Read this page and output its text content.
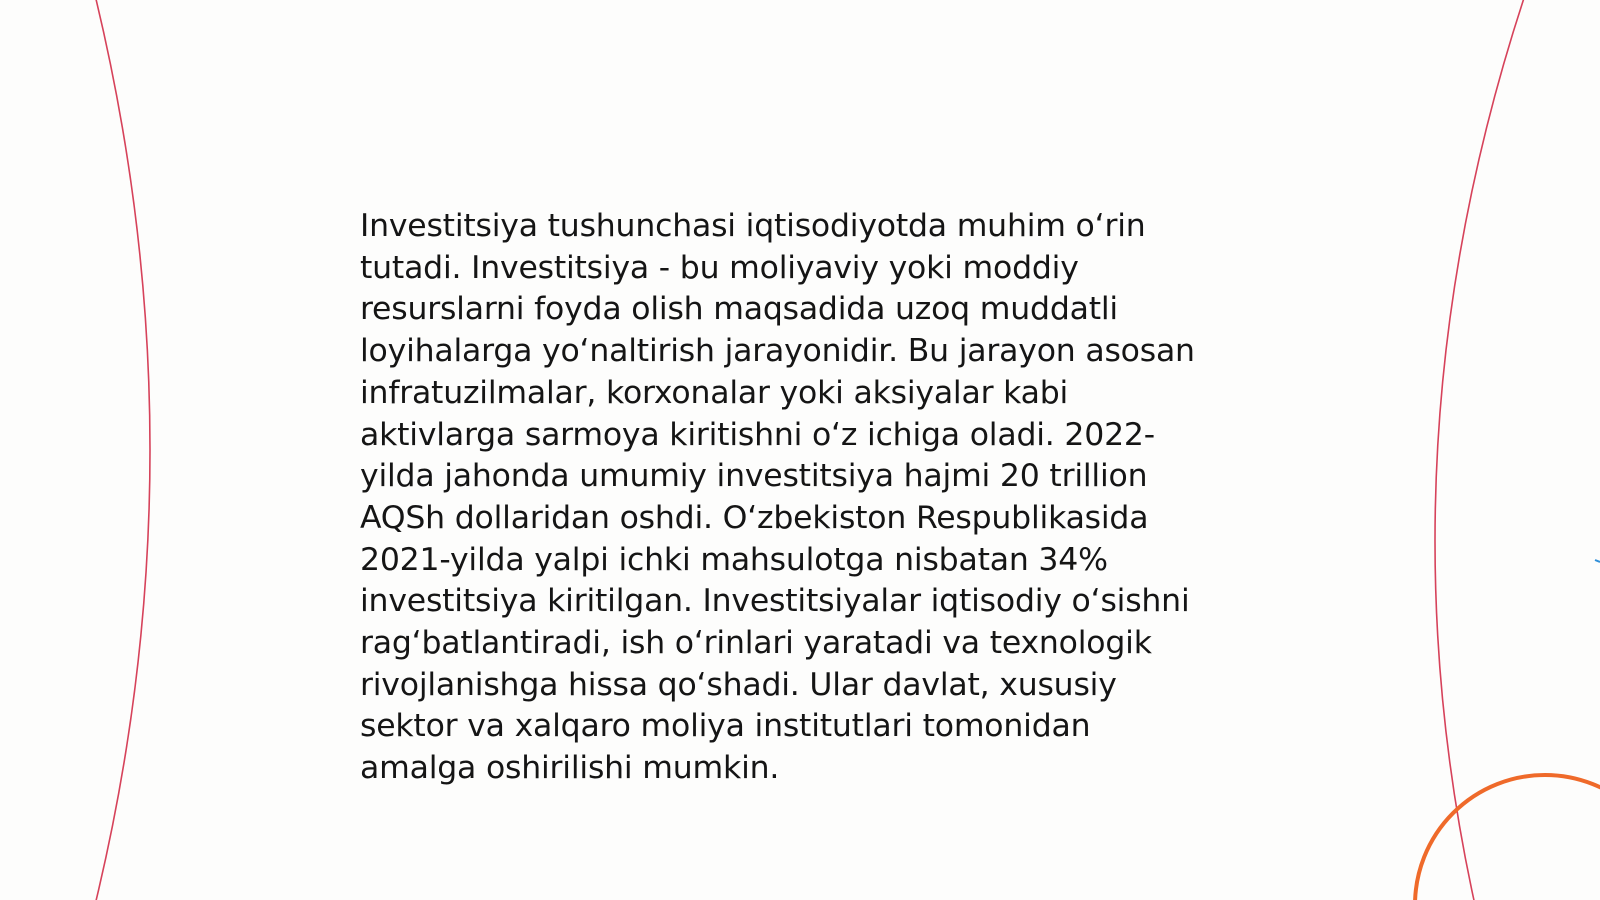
Investitsiya tushunchasi iqtisodiyotda muhim o‘rin
tutadi. Investitsiya - bu moliyaviy yoki moddiy
resurslarni foyda olish maqsadida uzoq muddatli
loyihalarga yo‘naltirish jarayonidir. Bu jarayon asosan
infratuzilmalar, korxonalar yoki aksiyalar kabi
aktivlarga sarmoya kiritishni o‘z ichiga oladi. 2022-
yilda jahonda umumiy investitsiya hajmi 20 trillion
AQSh dollaridan oshdi. O‘zbekiston Respublikasida
2021-yilda yalpi ichki mahsulotga nisbatan 34%
investitsiya kiritilgan. Investitsiyalar iqtisodiy o‘sishni
rag‘batlantiradi, ish o‘rinlari yaratadi va texnologik
rivojlanishga hissa qo‘shadi. Ular davlat, xususiy
sektor va xalqaro moliya institutlari tomonidan
amalga oshirilishi mumkin.
